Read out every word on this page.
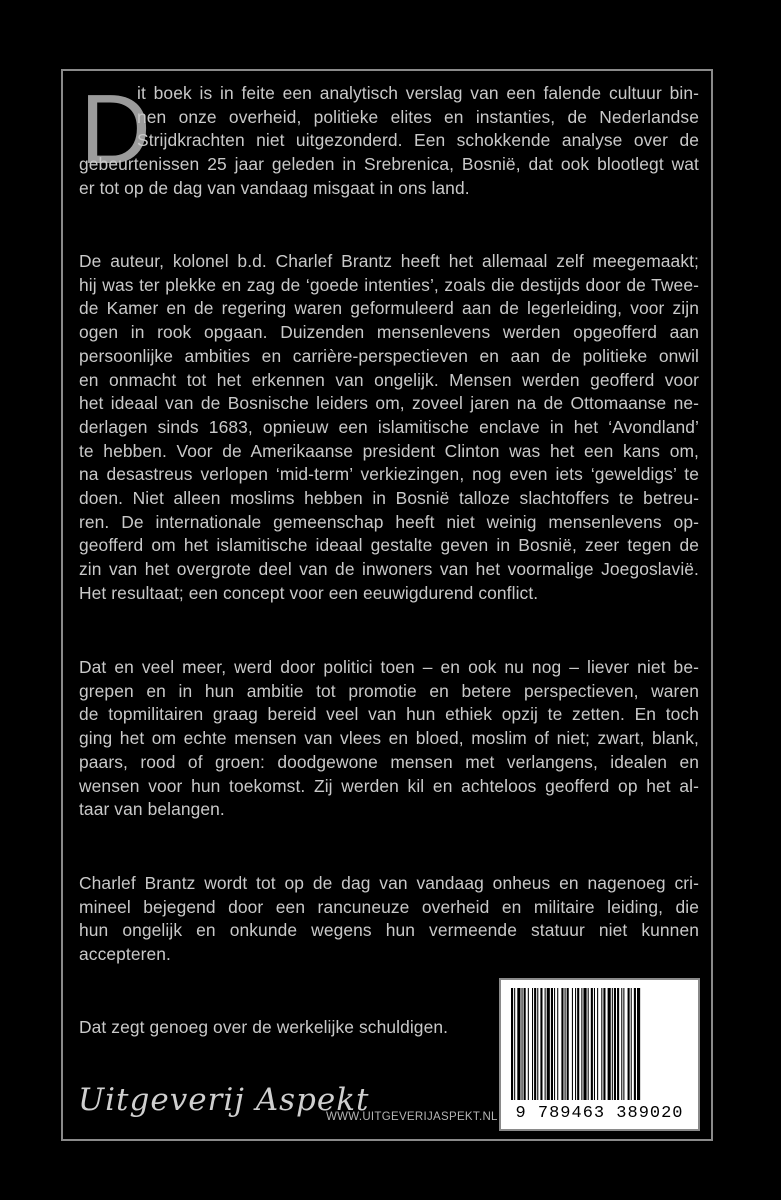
D
it boek is in feite een analytisch verslag van een falende cultuur bin-
nen onze overheid, politieke elites en instanties, de Nederlandse
Strijdkrachten niet uitgezonderd. Een schokkende analyse over de
gebeurtenissen 25 jaar geleden in Srebrenica, Bosnië, dat ook blootlegt wat
er tot op de dag van vandaag misgaat in ons land.
De auteur, kolonel b.d. Charlef Brantz heeft het allemaal zelf meegemaakt;
hij was ter plekke en zag de ‘goede intenties’, zoals die destijds door de Twee-
de Kamer en de regering waren geformuleerd aan de legerleiding, voor zijn
ogen in rook opgaan. Duizenden mensenlevens werden opgeofferd aan
persoonlijke ambities en carrière-perspectieven en aan de politieke onwil
en onmacht tot het erkennen van ongelijk. Mensen werden geofferd voor
het ideaal van de Bosnische leiders om, zoveel jaren na de Ottomaanse ne-
derlagen sinds 1683, opnieuw een islamitische enclave in het ‘Avondland’
te hebben. Voor de Amerikaanse president Clinton was het een kans om,
na desastreus verlopen ‘mid-term’ verkiezingen, nog even iets ‘geweldigs’ te
doen. Niet alleen moslims hebben in Bosnië talloze slachtoffers te betreu-
ren. De internationale gemeenschap heeft niet weinig mensenlevens op-
geofferd om het islamitische ideaal gestalte geven in Bosnië, zeer tegen de
zin van het overgrote deel van de inwoners van het voormalige Joegoslavië.
Het resultaat; een concept voor een eeuwigdurend conflict.
Dat en veel meer, werd door politici toen – en ook nu nog – liever niet be-
grepen en in hun ambitie tot promotie en betere perspectieven, waren
de topmilitairen graag bereid veel van hun ethiek opzij te zetten. En toch
ging het om echte mensen van vlees en bloed, moslim of niet; zwart, blank,
paars, rood of groen: doodgewone mensen met verlangens, idealen en
wensen voor hun toekomst. Zij werden kil en achteloos geofferd op het al-
taar van belangen.
Charlef Brantz wordt tot op de dag van vandaag onheus en nagenoeg cri-
mineel bejegend door een rancuneuze overheid en militaire leiding, die
hun ongelijk en onkunde wegens hun vermeende statuur niet kunnen
accepteren.
Dat zegt genoeg over de werkelijke schuldigen.
9 789463 389020
Uitgeverij Aspekt
WWW.UITGEVERIJASPEKT.NL
